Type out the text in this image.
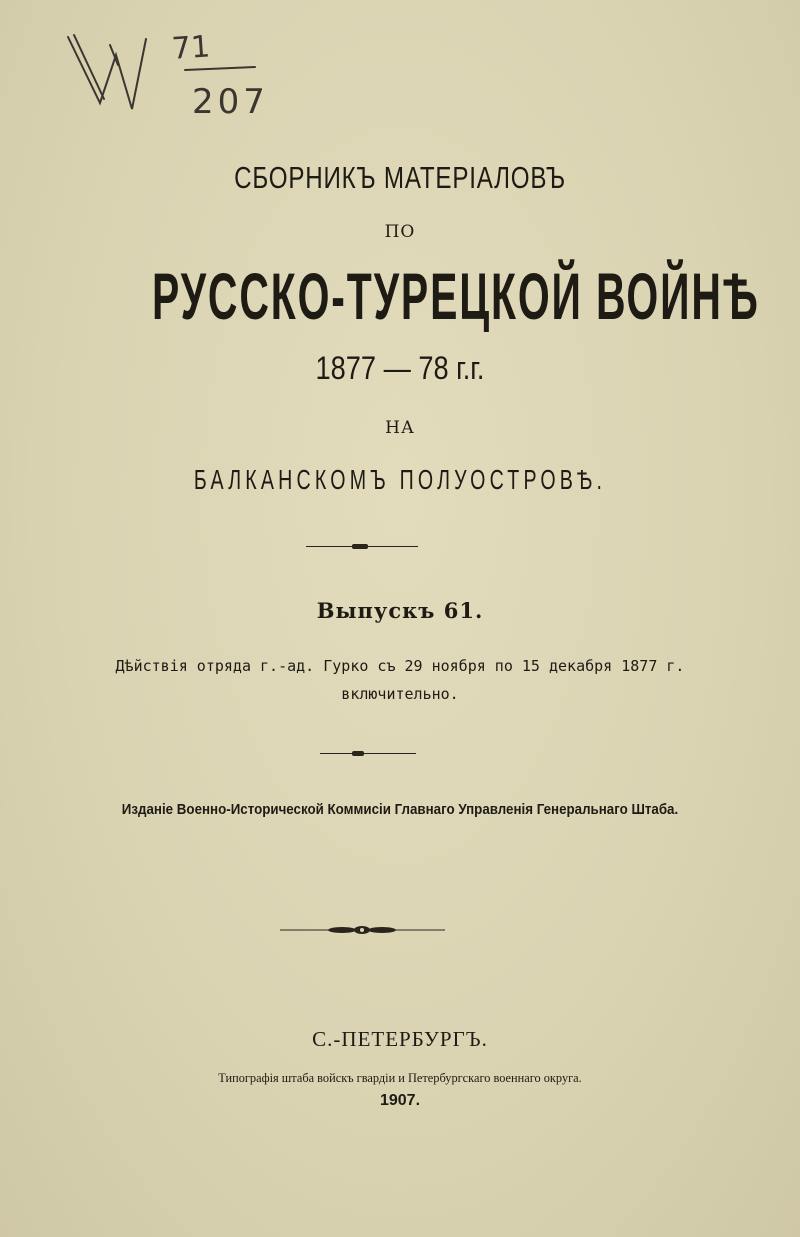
71
207
СБОРНИКЪ МАТЕРІАЛОВЪ
ПО
РУССКО-ТУРЕЦКОЙ ВОЙНѢ
1877 — 78 г.г.
НА
БАЛКАНСКОМЪ ПОЛУОСТРОВѢ.
Выпускъ 61.
Дѣйствія отряда г.-ад. Гурко съ 29 ноября по 15 декабря 1877 г.
включительно.
Изданіе Военно-Исторической Коммисіи Главнаго Управленія Генеральнаго Штаба.
С.-ПЕТЕРБУРГЪ.
Типографія штаба войскъ гвардіи и Петербургскаго военнаго округа.
1907.
